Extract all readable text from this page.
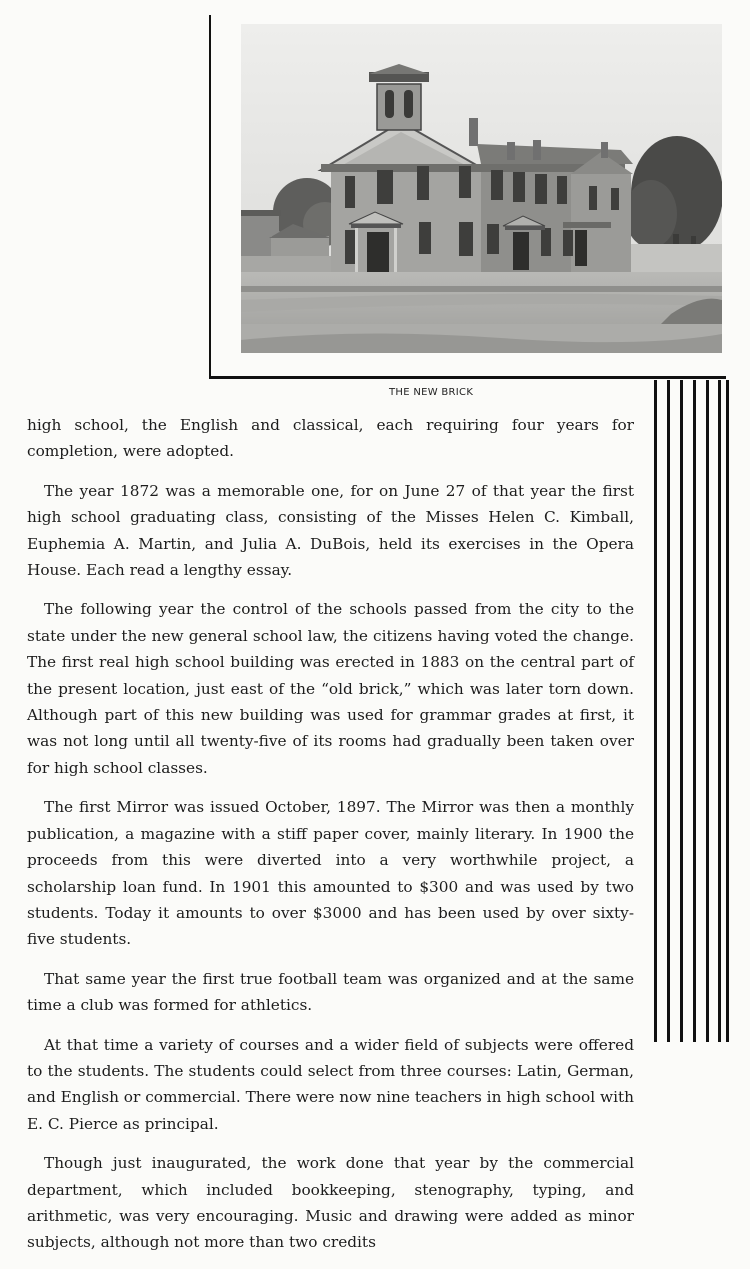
THE NEW BRICK

high school, the English and classical, each requiring four years for completion, were adopted.

The year 1872 was a memorable one, for on June 27 of that year the first high school graduating class, consisting of the Misses Helen C. Kimball, Euphemia A. Martin, and Julia A. DuBois, held its exercises in the Opera House. Each read a lengthy essay.

The following year the control of the schools passed from the city to the state under the new general school law, the citizens having voted the change. The first real high school building was erected in 1883 on the central part of the present location, just east of the “old brick,” which was later torn down. Although part of this new building was used for grammar grades at first, it was not long until all twenty-five of its rooms had gradually been taken over for high school classes.

The first Mirror was issued October, 1897. The Mirror was then a monthly publication, a magazine with a stiff paper cover, mainly literary. In 1900 the proceeds from this were diverted into a very worthwhile project, a scholarship loan fund. In 1901 this amounted to $300 and was used by two students. Today it amounts to over $3000 and has been used by over sixty-five students.

That same year the first true football team was organized and at the same time a club was formed for athletics.

At that time a variety of courses and a wider field of subjects were offered to the students. The students could select from three courses: Latin, German, and English or commercial. There were now nine teachers in high school with E. C. Pierce as principal.

Though just inaugurated, the work done that year by the commercial department, which included bookkeeping, stenography, typing, and arithmetic, was very encouraging. Music and drawing were added as minor subjects, although not more than two credits
